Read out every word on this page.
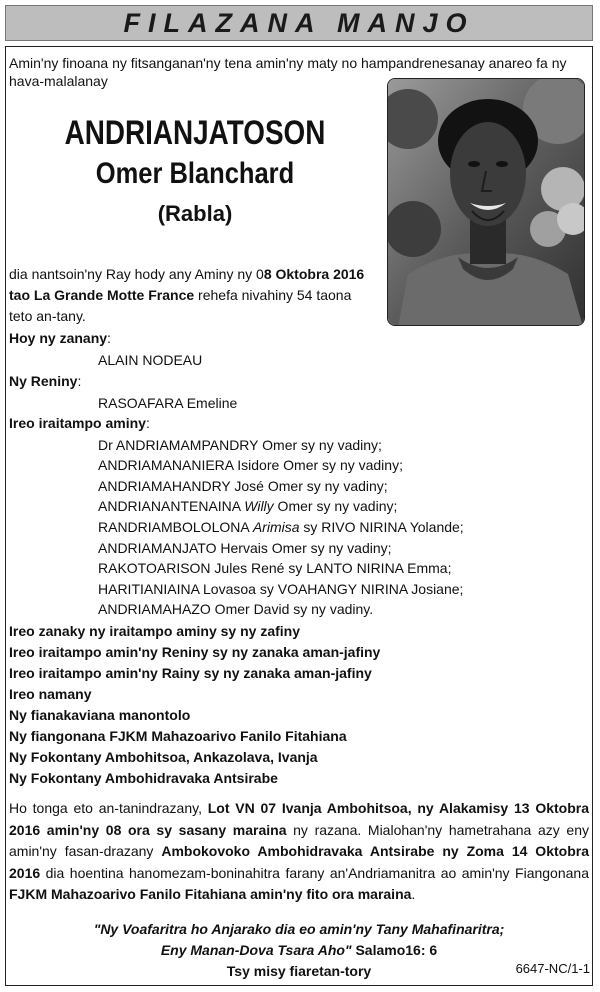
FILAZANA MANJO
Amin'ny finoana ny fitsanganan'ny tena amin'ny maty no hampandrenesanay anareo fa ny hava-malalanay
ANDRIANJATOSON
Omer Blanchard
(Rabla)
dia nantsoin'ny Ray hody any Aminy ny 08 Oktobra 2016
tao La Grande Motte France rehefa nivahiny 54 taona
teto an-tany.
Hoy ny zanany:
ALAIN NODEAU
Ny Reniny:
RASOAFARA Emeline
Ireo iraitampo aminy:
Dr ANDRIAMAMPANDRY Omer sy ny vadiny;
ANDRIAMANANIERA Isidore Omer sy ny vadiny;
ANDRIAMAHANDRY José Omer sy ny vadiny;
ANDRIANANTENAINA Willy Omer sy ny vadiny;
RANDRIAMBOLOLONA Arimisa sy RIVO NIRINA Yolande;
ANDRIAMANJATO Hervais Omer sy ny vadiny;
RAKOTOARISON Jules René sy LANTO NIRINA Emma;
HARITIANIAINA Lovasoa sy VOAHANGY NIRINA Josiane;
ANDRIAMAHAZO Omer David sy ny vadiny.
Ireo zanaky ny iraitampo aminy sy ny zafiny
Ireo iraitampo amin'ny Reniny sy ny zanaka aman-jafiny
Ireo iraitampo amin'ny Rainy sy ny zanaka aman-jafiny
Ireo namany
Ny fianakaviana manontolo
Ny fiangonana FJKM Mahazoarivo Fanilo Fitahiana
Ny Fokontany Ambohitsoa, Ankazolava, Ivanja
Ny Fokontany Ambohidravaka Antsirabe
Ho tonga eto an-tanindrazany, Lot VN 07 Ivanja Ambohitsoa, ny Alakamisy 13 Oktobra 2016 amin'ny 08 ora sy sasany maraina ny razana. Mialohan'ny hametrahana azy eny amin'ny fasan-drazany Ambokovoko Ambohidravaka Antsirabe ny Zoma 14 Oktobra 2016 dia hoentina hanomezam-boninahitra farany an'Andriamanitra ao amin'ny Fiangonana FJKM Mahazoarivo Fanilo Fitahiana amin'ny fito ora maraina.
"Ny Voafaritra ho Anjarako dia eo amin'ny Tany Mahafinaritra;
Eny Manan-Dova Tsara Aho" Salamo16: 6
Tsy misy fiaretan-tory	6647-NC/1-1
